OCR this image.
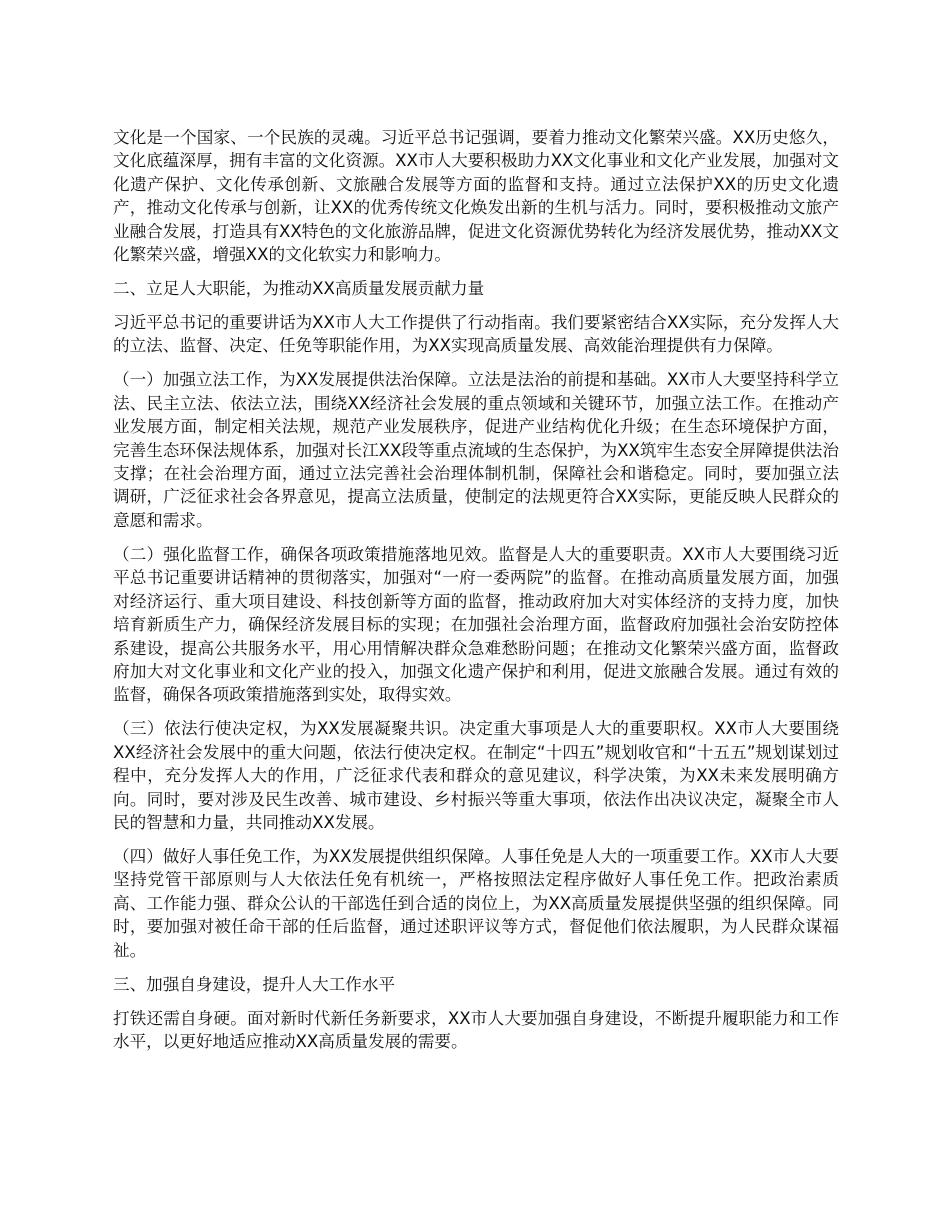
文化是一个国家、一个民族的灵魂。习近平总书记强调，要着力推动文化繁荣兴盛。XX历史悠久，文化底蕴深厚，拥有丰富的文化资源。XX市人大要积极助力XX文化事业和文化产业发展，加强对文化遗产保护、文化传承创新、文旅融合发展等方面的监督和支持。通过立法保护XX的历史文化遗产，推动文化传承与创新，让XX的优秀传统文化焕发出新的生机与活力。同时，要积极推动文旅产业融合发展，打造具有XX特色的文化旅游品牌，促进文化资源优势转化为经济发展优势，推动XX文化繁荣兴盛，增强XX的文化软实力和影响力。

二、立足人大职能，为推动XX高质量发展贡献力量

习近平总书记的重要讲话为XX市人大工作提供了行动指南。我们要紧密结合XX实际，充分发挥人大的立法、监督、决定、任免等职能作用，为XX实现高质量发展、高效能治理提供有力保障。

（一）加强立法工作，为XX发展提供法治保障。立法是法治的前提和基础。XX市人大要坚持科学立法、民主立法、依法立法，围绕XX经济社会发展的重点领域和关键环节，加强立法工作。在推动产业发展方面，制定相关法规，规范产业发展秩序，促进产业结构优化升级；在生态环境保护方面，完善生态环保法规体系，加强对长江XX段等重点流域的生态保护，为XX筑牢生态安全屏障提供法治支撑；在社会治理方面，通过立法完善社会治理体制机制，保障社会和谐稳定。同时，要加强立法调研，广泛征求社会各界意见，提高立法质量，使制定的法规更符合XX实际，更能反映人民群众的意愿和需求。

（二）强化监督工作，确保各项政策措施落地见效。监督是人大的重要职责。XX市人大要围绕习近平总书记重要讲话精神的贯彻落实，加强对“一府一委两院”的监督。在推动高质量发展方面，加强对经济运行、重大项目建设、科技创新等方面的监督，推动政府加大对实体经济的支持力度，加快培育新质生产力，确保经济发展目标的实现；在加强社会治理方面，监督政府加强社会治安防控体系建设，提高公共服务水平，用心用情解决群众急难愁盼问题；在推动文化繁荣兴盛方面，监督政府加大对文化事业和文化产业的投入，加强文化遗产保护和利用，促进文旅融合发展。通过有效的监督，确保各项政策措施落到实处，取得实效。

（三）依法行使决定权，为XX发展凝聚共识。决定重大事项是人大的重要职权。XX市人大要围绕XX经济社会发展中的重大问题，依法行使决定权。在制定“十四五”规划收官和“十五五”规划谋划过程中，充分发挥人大的作用，广泛征求代表和群众的意见建议，科学决策，为XX未来发展明确方向。同时，要对涉及民生改善、城市建设、乡村振兴等重大事项，依法作出决议决定，凝聚全市人民的智慧和力量，共同推动XX发展。

（四）做好人事任免工作，为XX发展提供组织保障。人事任免是人大的一项重要工作。XX市人大要坚持党管干部原则与人大依法任免有机统一，严格按照法定程序做好人事任免工作。把政治素质高、工作能力强、群众公认的干部选任到合适的岗位上，为XX高质量发展提供坚强的组织保障。同时，要加强对被任命干部的任后监督，通过述职评议等方式，督促他们依法履职，为人民群众谋福祉。

三、加强自身建设，提升人大工作水平

打铁还需自身硬。面对新时代新任务新要求，XX市人大要加强自身建设，不断提升履职能力和工作水平，以更好地适应推动XX高质量发展的需要。
